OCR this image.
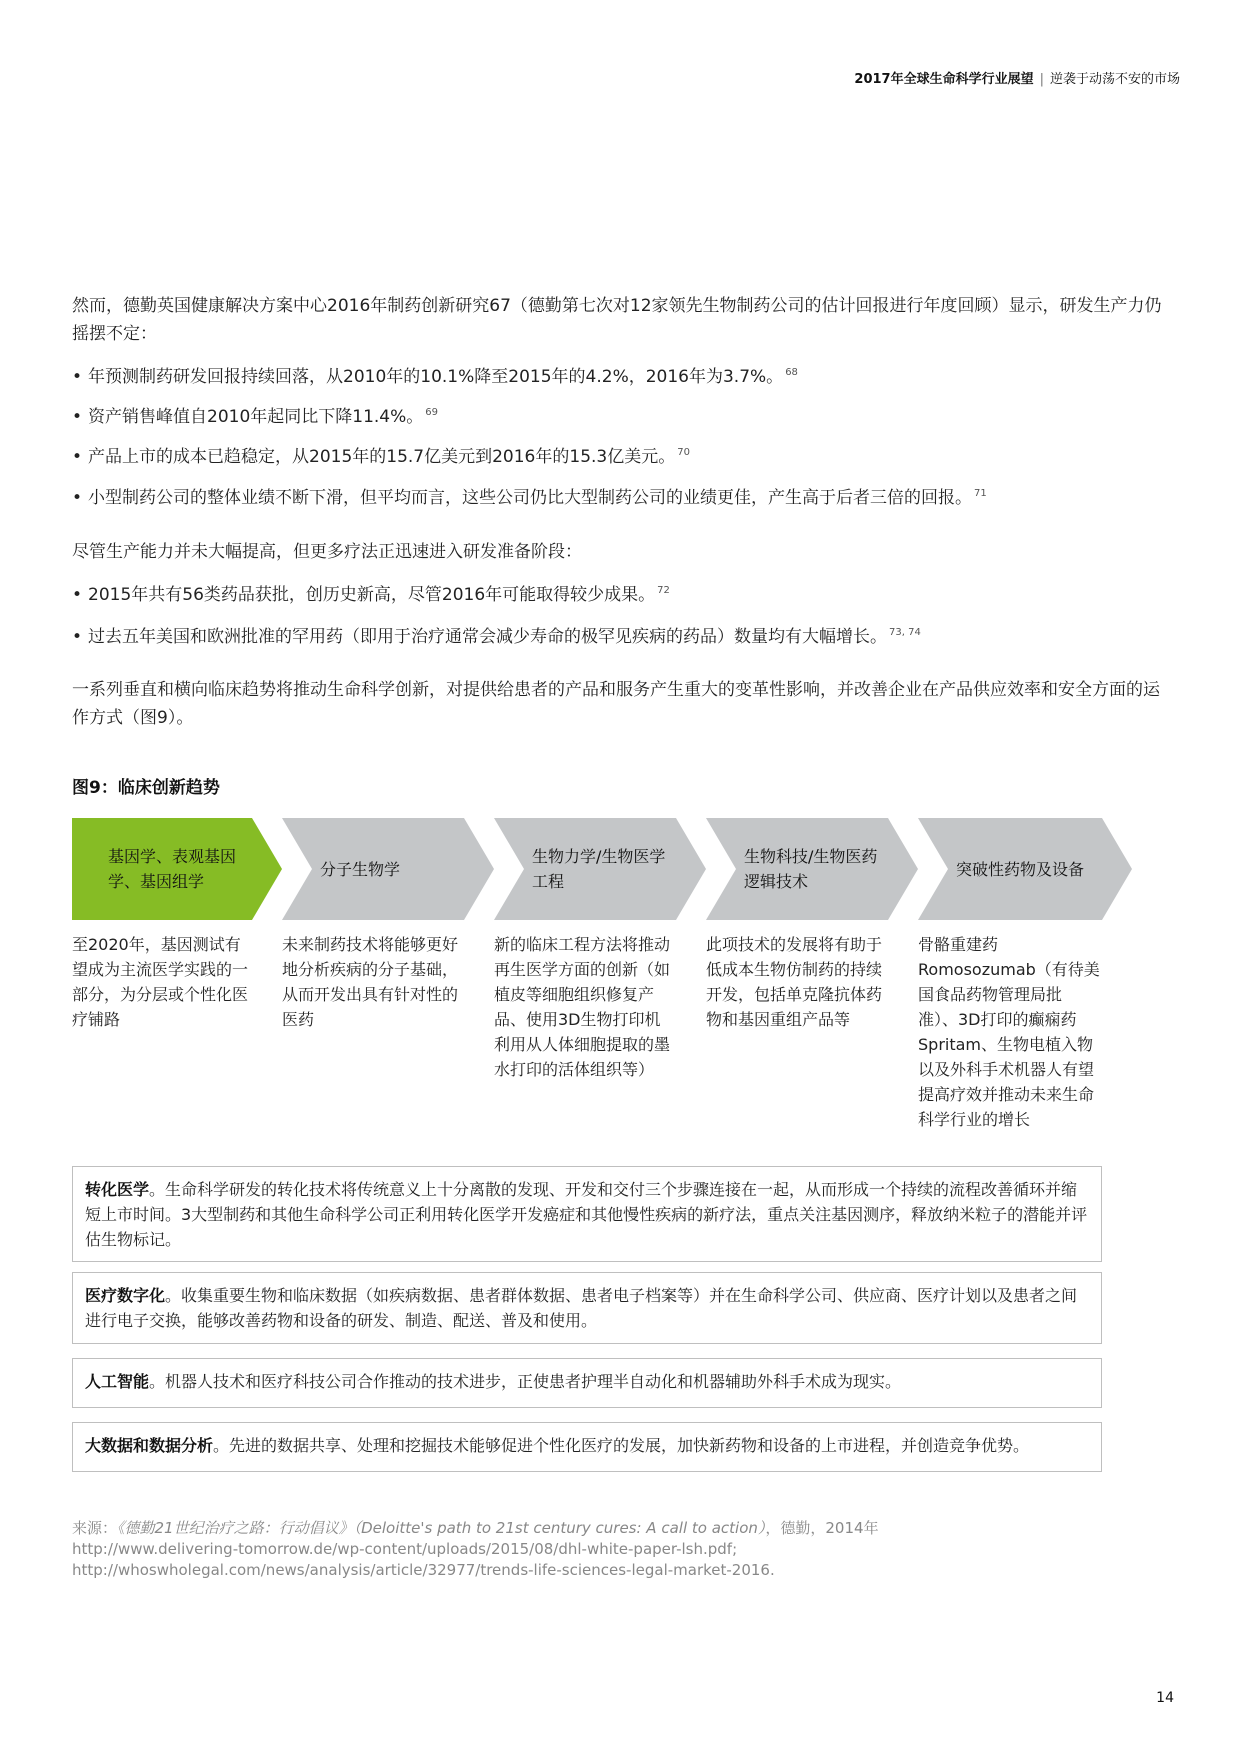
2017年全球生命科学行业展望 | 逆袭于动荡不安的市场
然而，德勤英国健康解决方案中心2016年制药创新研究67（德勤第七次对12家领先生物制药公司的估计回报进行年度回顾）显示，研发生产力仍摇摆不定：
• 年预测制药研发回报持续回落，从2010年的10.1%降至2015年的4.2%，2016年为3.7%。 $^{68}$
• 资产销售峰值自2010年起同比下降11.4%。 $^{69}$
• 产品上市的成本已趋稳定，从2015年的15.7亿美元到2016年的15.3亿美元。 $^{70}$
• 小型制药公司的整体业绩不断下滑，但平均而言，这些公司仍比大型制药公司的业绩更佳，产生高于后者三倍的回报。 $^{71}$
尽管生产能力并未大幅提高，但更多疗法正迅速进入研发准备阶段：
• 2015年共有56类药品获批，创历史新高，尽管2016年可能取得较少成果。 $^{72}$
• 过去五年美国和欧洲批准的罕用药（即用于治疗通常会减少寿命的极罕见疾病的药品）数量均有大幅增长。 $^{73, 74}$
一系列垂直和横向临床趋势将推动生命科学创新，对提供给患者的产品和服务产生重大的变革性影响，并改善企业在产品供应效率和安全方面的运作方式（图9）。
图9：临床创新趋势
基因学、表观基因学、基因组学
分子生物学
生物力学/生物医学工程
生物科技/生物医药逻辑技术
突破性药物及设备
至2020年，基因测试有望成为主流医学实践的一部分，为分层或个性化医疗铺路
未来制药技术将能够更好地分析疾病的分子基础，从而开发出具有针对性的医药
新的临床工程方法将推动再生医学方面的创新（如植皮等细胞组织修复产品、使用3D生物打印机利用从人体细胞提取的墨水打印的活体组织等）
此项技术的发展将有助于低成本生物仿制药的持续开发，包括单克隆抗体药物和基因重组产品等
骨骼重建药Romosozumab（有待美国食品药物管理局批准）、3D打印的癫痫药Spritam、生物电植入物以及外科手术机器人有望提高疗效并推动未来生命科学行业的增长
转化医学。生命科学研发的转化技术将传统意义上十分离散的发现、开发和交付三个步骤连接在一起，从而形成一个持续的流程改善循环并缩短上市时间。3大型制药和其他生命科学公司正利用转化医学开发癌症和其他慢性疾病的新疗法，重点关注基因测序，释放纳米粒子的潜能并评估生物标记。
医疗数字化。收集重要生物和临床数据（如疾病数据、患者群体数据、患者电子档案等）并在生命科学公司、供应商、医疗计划以及患者之间进行电子交换，能够改善药物和设备的研发、制造、配送、普及和使用。
人工智能。机器人技术和医疗科技公司合作推动的技术进步，正使患者护理半自动化和机器辅助外科手术成为现实。
大数据和数据分析。先进的数据共享、处理和挖掘技术能够促进个性化医疗的发展，加快新药物和设备的上市进程，并创造竞争优势。
来源：《德勤21世纪治疗之路：行动倡议》（Deloitte's path to 21st century cures: A call to action），德勤，2014年
http://www.delivering-tomorrow.de/wp-content/uploads/2015/08/dhl-white-paper-lsh.pdf;
http://whoswholegal.com/news/analysis/article/32977/trends-life-sciences-legal-market-2016.
14
